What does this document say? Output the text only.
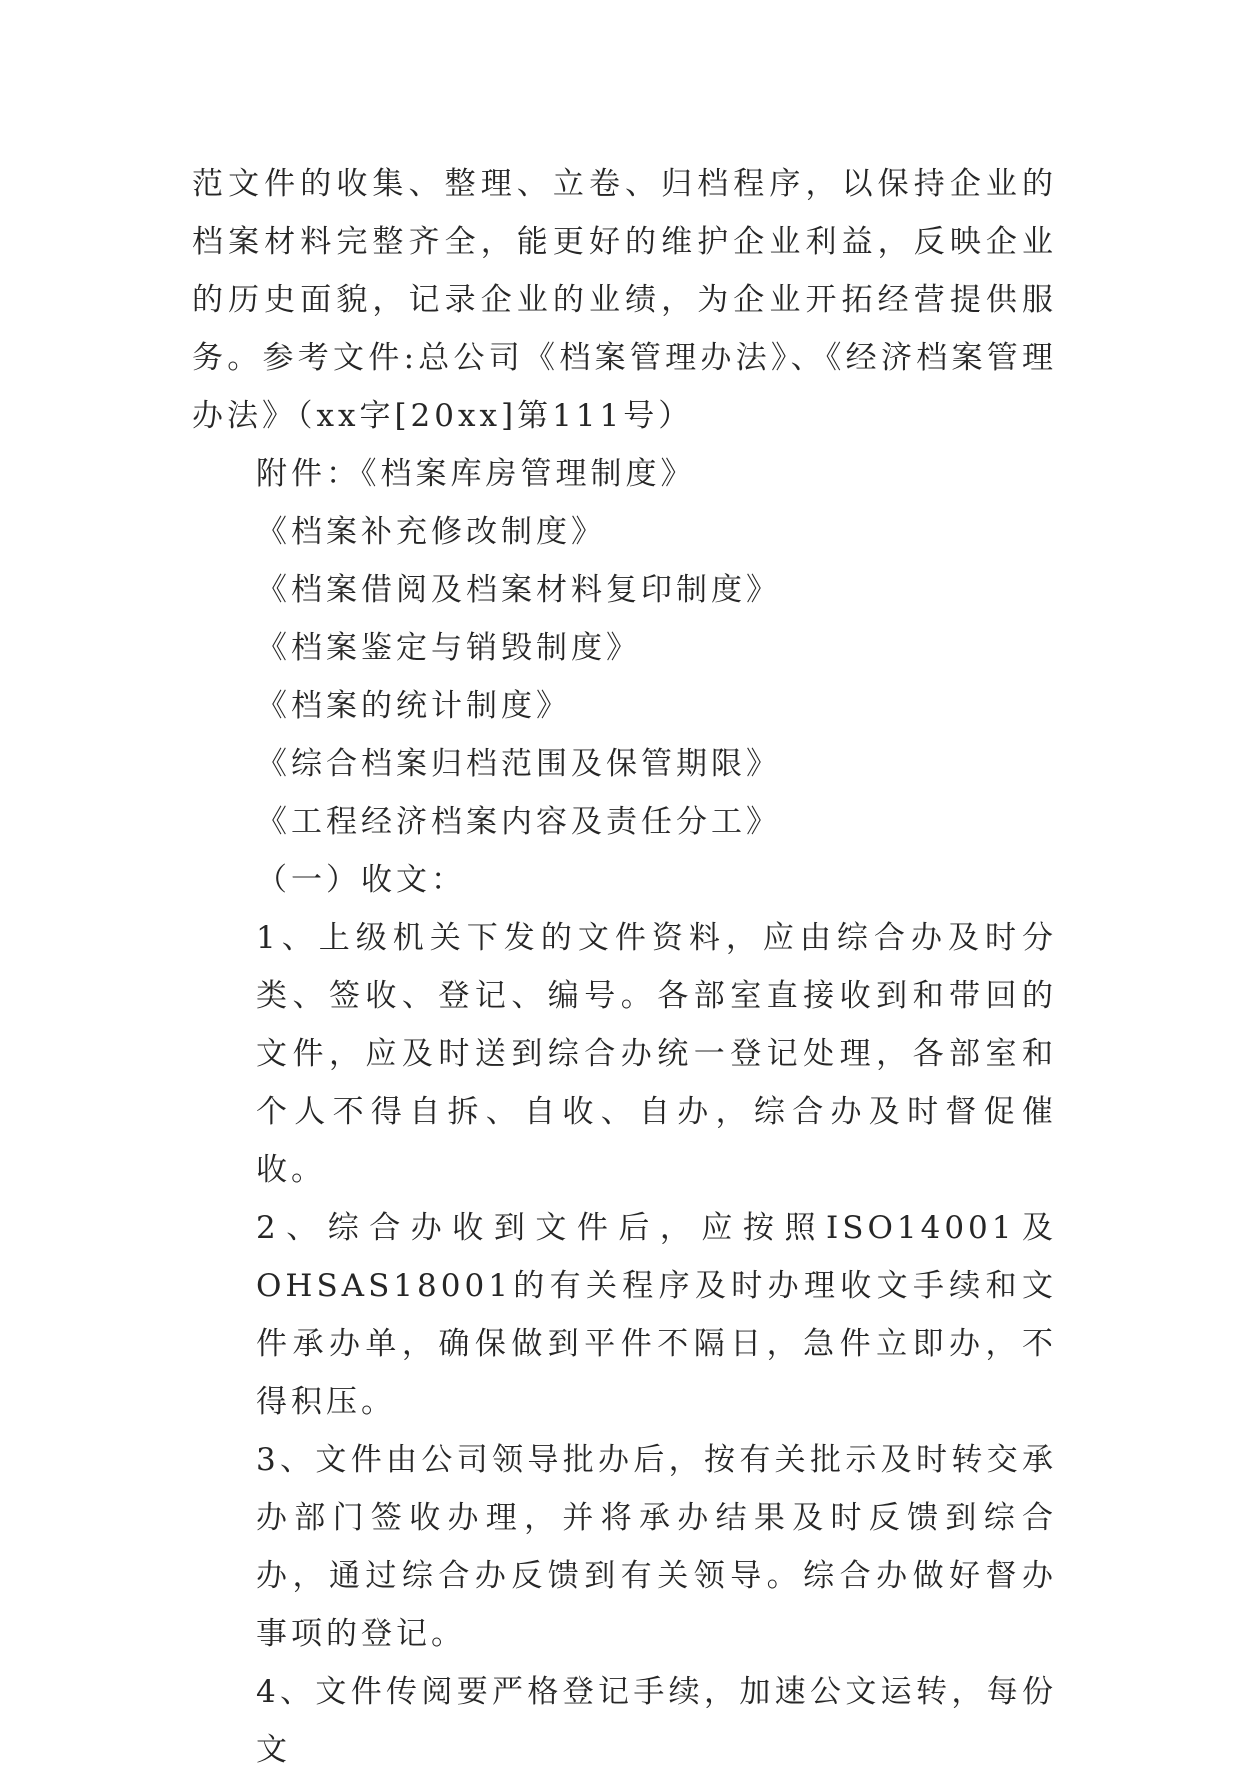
范文件的收集、整理、立卷、归档程序，以保持企业的档案材料完整齐全，能更好的维护企业利益，反映企业的历史面貌，记录企业的业绩，为企业开拓经营提供服务。参考文件:总公司《档案管理办法》、《经济档案管理办法》（xx字[20xx]第111号）

附件：《档案库房管理制度》

《档案补充修改制度》

《档案借阅及档案材料复印制度》

《档案鉴定与销毁制度》

《档案的统计制度》

《综合档案归档范围及保管期限》

《工程经济档案内容及责任分工》

（一）收文：

1、上级机关下发的文件资料，应由综合办及时分类、签收、登记、编号。各部室直接收到和带回的文件，应及时送到综合办统一登记处理，各部室和个人不得自拆、自收、自办，综合办及时督促催收。

2、综合办收到文件后，应按照ISO14001及OHSAS18001的有关程序及时办理收文手续和文件承办单，确保做到平件不隔日，急件立即办，不得积压。

3、文件由公司领导批办后，按有关批示及时转交承办部门签收办理，并将承办结果及时反馈到综合办，通过综合办反馈到有关领导。综合办做好督办事项的登记。

4、文件传阅要严格登记手续，加速公文运转，每份文
